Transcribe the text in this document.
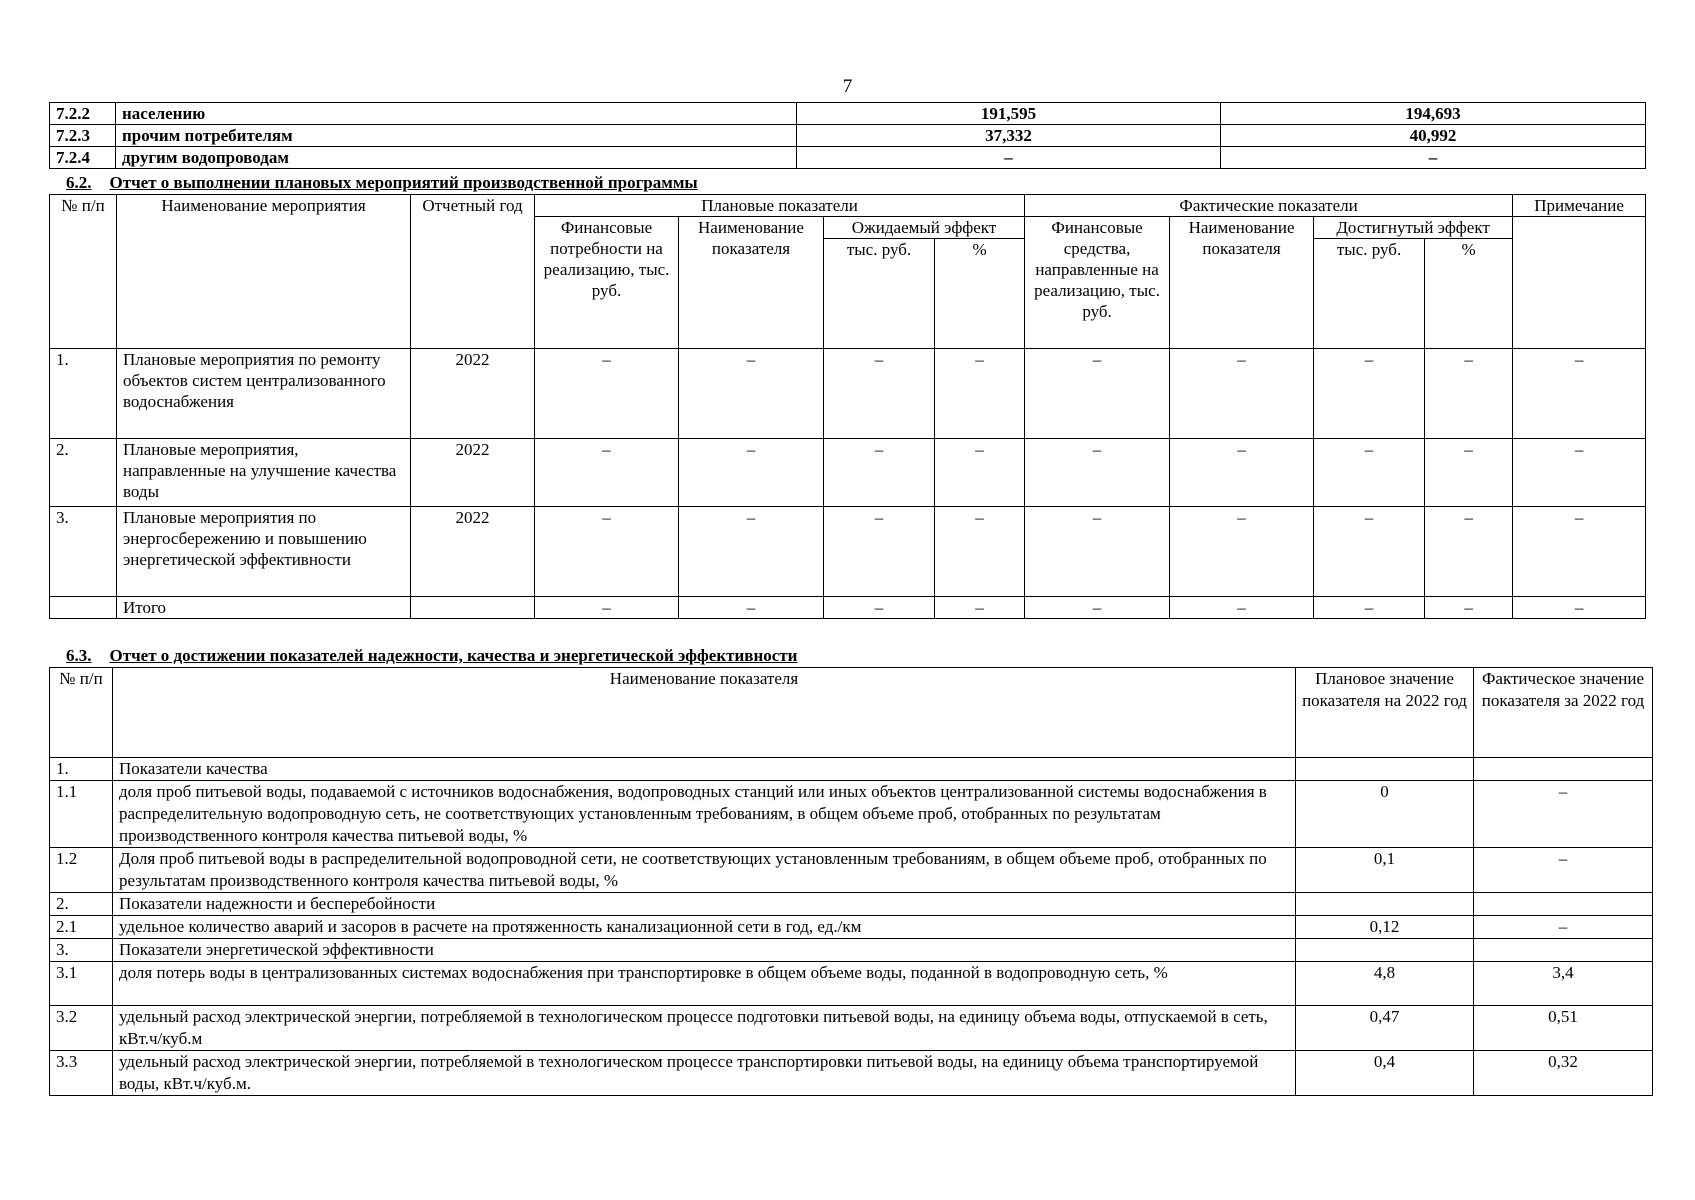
7
7.2.2	населению	191,595	194,693
7.2.3	прочим потребителям	37,332	40,992
7.2.4	другим водопроводам	–	–
6.2. Отчет о выполнении плановых мероприятий производственной программы
№ п/п	Наименование мероприятия	Отчетный год	Плановые показатели				Фактические показатели				Примечание
			Финансовые потребности на реализацию, тыс. руб.	Наименование показателя	Ожидаемый эффект		Финансовые средства, направленные на реализацию, тыс. руб.	Наименование показателя	Достигнутый эффект		
					тыс. руб.	%			тыс. руб.	%	
1.	Плановые мероприятия по ремонту объектов систем централизованного водоснабжения	2022	–	–	–	–	–	–	–	–	–
2.	Плановые мероприятия, направленные на улучшение качества воды	2022	–	–	–	–	–	–	–	–	–
3.	Плановые мероприятия по энергосбережению и повышению энергетической эффективности	2022	–	–	–	–	–	–	–	–	–
	Итого		–	–	–	–	–	–	–	–	–
6.3. Отчет о достижении показателей надежности, качества и энергетической эффективности
№ п/п	Наименование показателя	Плановое значение показателя на 2022 год	Фактическое значение показателя за 2022 год
1.	Показатели качества		
1.1	доля проб питьевой воды, подаваемой с источников водоснабжения, водопроводных станций или иных объектов централизованной системы водоснабжения в распределительную водопроводную сеть, не соответствующих установленным требованиям, в общем объеме проб, отобранных по результатам производственного контроля качества питьевой воды, %	0	–
1.2	Доля проб питьевой воды в распределительной водопроводной сети, не соответствующих установленным требованиям, в общем объеме проб, отобранных по результатам производственного контроля качества питьевой воды, %	0,1	–
2.	Показатели надежности и бесперебойности		
2.1	удельное количество аварий и засоров в расчете на протяженность канализационной сети в год, ед./км	0,12	–
3.	Показатели энергетической эффективности		
3.1	доля потерь воды в централизованных системах водоснабжения при транспортировке в общем объеме воды, поданной в водопроводную сеть, %	4,8	3,4
3.2	удельный расход электрической энергии, потребляемой в технологическом процессе подготовки питьевой воды, на единицу объема воды, отпускаемой в сеть, кВт.ч/куб.м	0,47	0,51
3.3	удельный расход электрической энергии, потребляемой в технологическом процессе транспортировки питьевой воды, на единицу объема транспортируемой воды, кВт.ч/куб.м.	0,4	0,32
